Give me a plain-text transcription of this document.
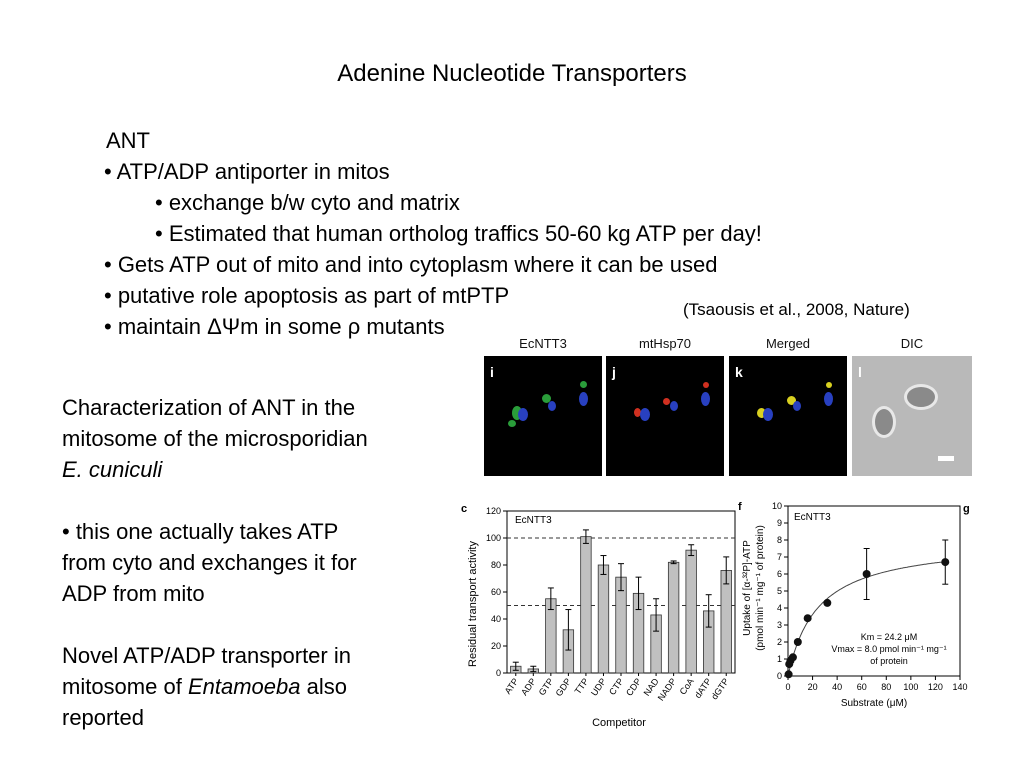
Adenine Nucleotide Transporters
ANT
• ATP/ADP antiporter in mitos
• exchange b/w cyto and matrix
• Estimated that human ortholog traffics 50-60 kg ATP per day!
• Gets ATP out of mito and into cytoplasm where it can be used
• putative role apoptosis as part of mtPTP
• maintain ΔΨm in some ρ mutants
(Tsaousis et al., 2008, Nature)
Characterization of ANT in the
mitosome of the microsporidian
E. cuniculi
• this one actually takes ATP
from cyto and exchanges it for
ADP from mito
Novel ATP/ADP transporter in
mitosome of Entamoeba also
reported
EcNTT3	mtHsp70	Merged	DIC
i	j	k	l
c
EcNTT3
Residual transport activity
Competitor
0
20
40
60
80
100
120
ATP
ADP
GTP
GDP TTP
UDP CTP
CDP
NAD
NADP CoA
dATP
dGTP
f	g
EcNTT3
Uptake of [α-³²P]-ATP (pmol min⁻¹ mg⁻¹ of protein)
Substrate (μM)
Km = 24.2 μM
Vmax = 8.0 pmol min⁻¹ mg⁻¹
of protein
0
1
2
3
4
5
6
7
8
9
10
0 20 40 60 80 100 120 140
